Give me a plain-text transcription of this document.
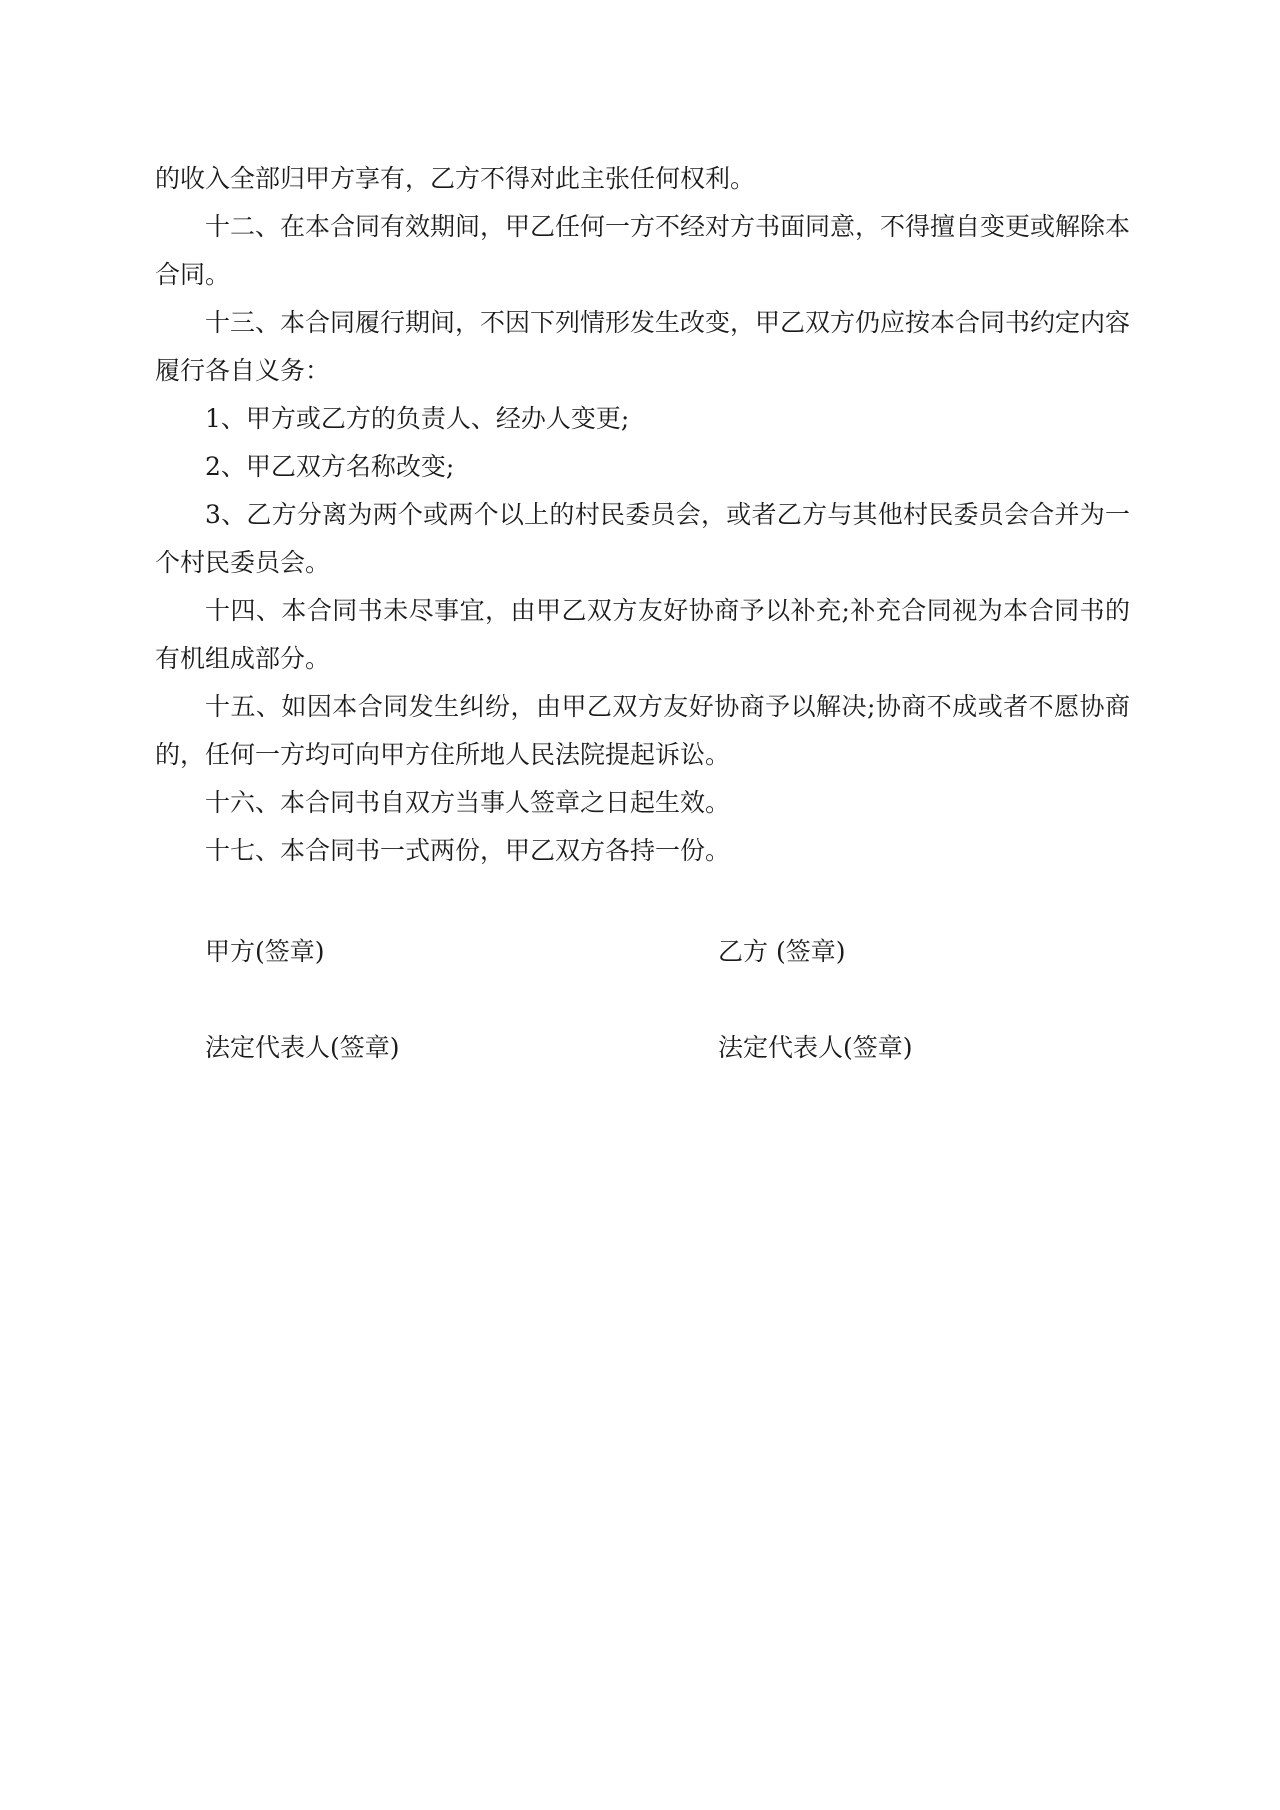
的收入全部归甲方享有，乙方不得对此主张任何权利。

十二、在本合同有效期间，甲乙任何一方不经对方书面同意，不得擅自变更或解除本合同。

十三、本合同履行期间，不因下列情形发生改变，甲乙双方仍应按本合同书约定内容履行各自义务：

1、甲方或乙方的负责人、经办人变更;

2、甲乙双方名称改变;

3、乙方分离为两个或两个以上的村民委员会，或者乙方与其他村民委员会合并为一个村民委员会。

十四、本合同书未尽事宜，由甲乙双方友好协商予以补充;补充合同视为本合同书的有机组成部分。

十五、如因本合同发生纠纷，由甲乙双方友好协商予以解决;协商不成或者不愿协商的，任何一方均可向甲方住所地人民法院提起诉讼。

十六、本合同书自双方当事人签章之日起生效。

十七、本合同书一式两份，甲乙双方各持一份。

甲方(签章)	乙方 (签章)
法定代表人(签章)	法定代表人(签章)
